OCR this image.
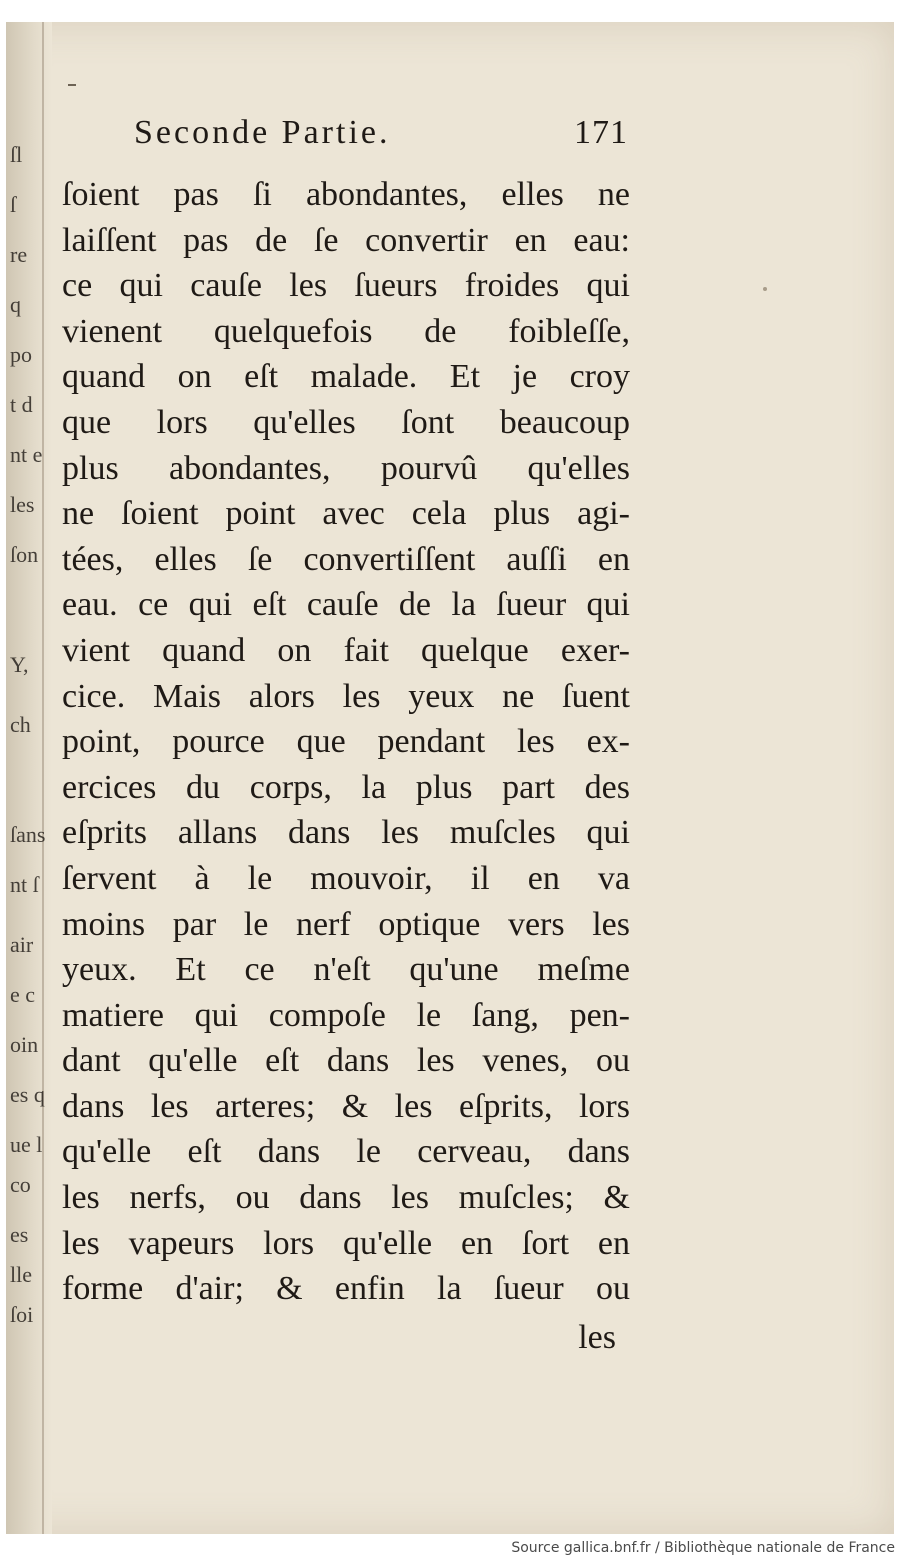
ſl
ſ
re
q
po
t d
nt e
les
ſon
Y,
ch
ſans
nt ſ
air
e c
oin
es q
ue l
co
es
lle
ſoi
Seconde Partie.	171
ſoient pas ſi abondantes, elles ne
laiſſent pas de ſe convertir en eau:
ce qui cauſe les ſueurs froides qui
vienent quelquefois de foibleſſe,
quand on eſt malade. Et je croy
que lors qu'elles ſont beaucoup
plus abondantes, pourvû qu'elles
ne ſoient point avec cela plus agi-
tées, elles ſe convertiſſent auſſi en
eau. ce qui eſt cauſe de la ſueur qui
vient quand on fait quelque exer-
cice. Mais alors les yeux ne ſuent
point, pource que pendant les ex-
ercices du corps, la plus part des
eſprits allans dans les muſcles qui
ſervent à le mouvoir, il en va
moins par le nerf optique vers les
yeux. Et ce n'eſt qu'une meſme
matiere qui compoſe le ſang, pen-
dant qu'elle eſt dans les venes, ou
dans les arteres; & les eſprits, lors
qu'elle eſt dans le cerveau, dans
les nerfs, ou dans les muſcles; &
les vapeurs lors qu'elle en ſort en
forme d'air; & enfin la ſueur ou
les
Source gallica.bnf.fr / Bibliothèque nationale de France
